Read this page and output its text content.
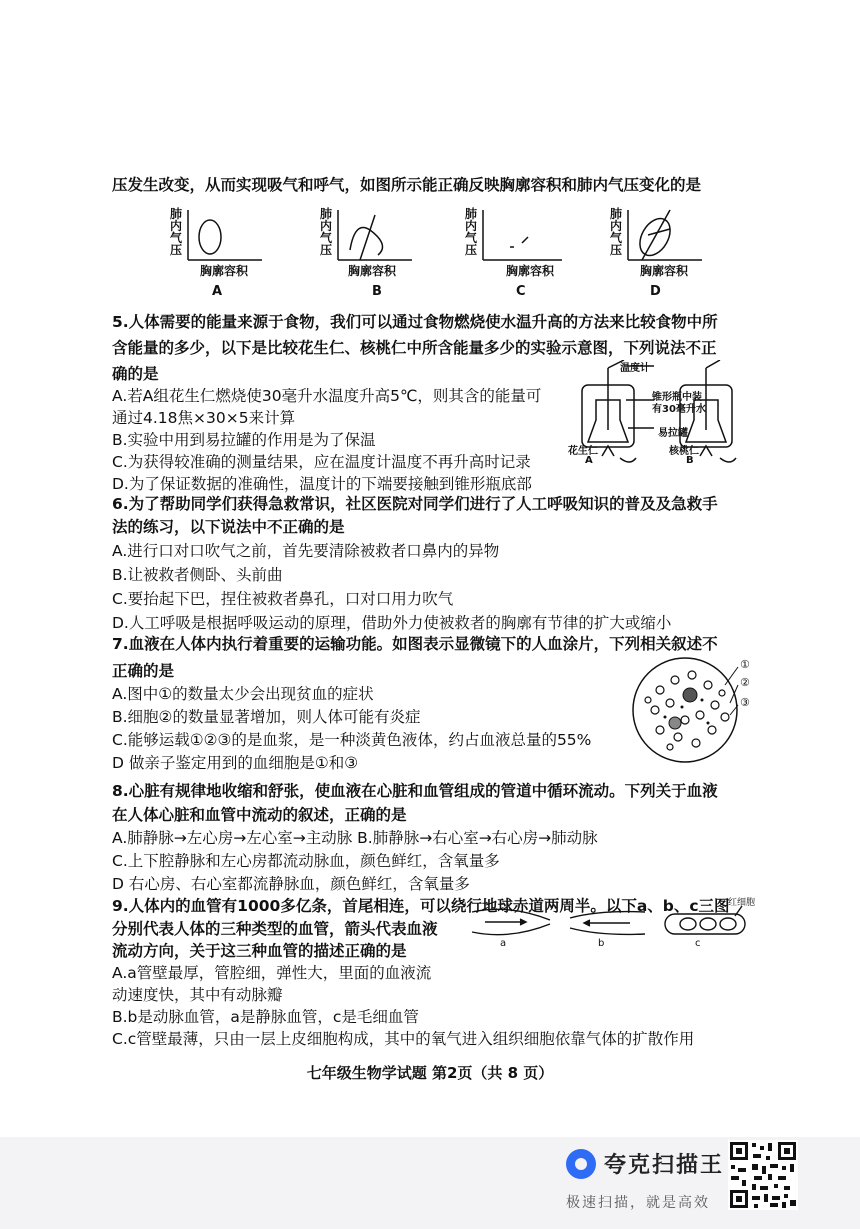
压发生改变，从而实现吸气和呼气，如图所示能正确反映胸廓容积和肺内气压变化的是
肺
内
气
压
肺
内
气
压
肺
内
气
压
肺
内
气
压
胸廓容积	胸廓容积	胸廓容积	胸廓容积
A	B	C	D
5.人体需要的能量来源于食物，我们可以通过食物燃烧使水温升高的方法来比较食物中所
含能量的多少，以下是比较花生仁、核桃仁中所含能量多少的实验示意图，下列说法不正
确的是
A.若A组花生仁燃烧使30毫升水温度升高5℃，则其含的能量可
通过4.18焦×30×5来计算
B.实验中用到易拉罐的作用是为了保温
C.为获得较准确的测量结果，应在温度计温度不再升高时记录
D.为了保证数据的准确性，温度计的下端要接触到锥形瓶底部
温度计
锥形瓶中装
有30毫升水
易拉罐
花生仁
A
核桃仁
B
6.为了帮助同学们获得急救常识，社区医院对同学们进行了人工呼吸知识的普及及急救手
法的练习，以下说法中不正确的是
A.进行口对口吹气之前，首先要清除被救者口鼻内的异物
B.让被救者侧卧、头前曲
C.要抬起下巴，捏住被救者鼻孔，口对口用力吹气
D.人工呼吸是根据呼吸运动的原理，借助外力使被救者的胸廓有节律的扩大或缩小
7.血液在人体内执行着重要的运输功能。如图表示显微镜下的人血涂片，下列相关叙述不
正确的是
A.图中①的数量太少会出现贫血的症状
B.细胞②的数量显著增加，则人体可能有炎症
C.能够运载①②③的是血浆，是一种淡黄色液体，约占血液总量的55%
D 做亲子鉴定用到的血细胞是①和③
①
②
③
8.心脏有规律地收缩和舒张，使血液在心脏和血管组成的管道中循环流动。下列关于血液
在人体心脏和血管中流动的叙述，正确的是
A.肺静脉→左心房→左心室→主动脉 B.肺静脉→右心室→右心房→肺动脉
C.上下腔静脉和左心房都流动脉血，颜色鲜红，含氧量多
D 右心房、右心室都流静脉血，颜色鲜红，含氧量多
9.人体内的血管有1000多亿条，首尾相连，可以绕行地球赤道两周半。以下a、b、c三图
分别代表人体的三种类型的血管，箭头代表血液
流动方向，关于这三种血管的描述正确的是
A.a管壁最厚，管腔细，弹性大，里面的血液流
动速度快，其中有动脉瓣
B.b是动脉血管，a是静脉血管，c是毛细血管
C.c管壁最薄，只由一层上皮细胞构成，其中的氧气进入组织细胞依靠气体的扩散作用
a	b	c
红细胞
七年级生物学试题 第2页（共 8 页）
夸克扫描王
极速扫描，就是高效
